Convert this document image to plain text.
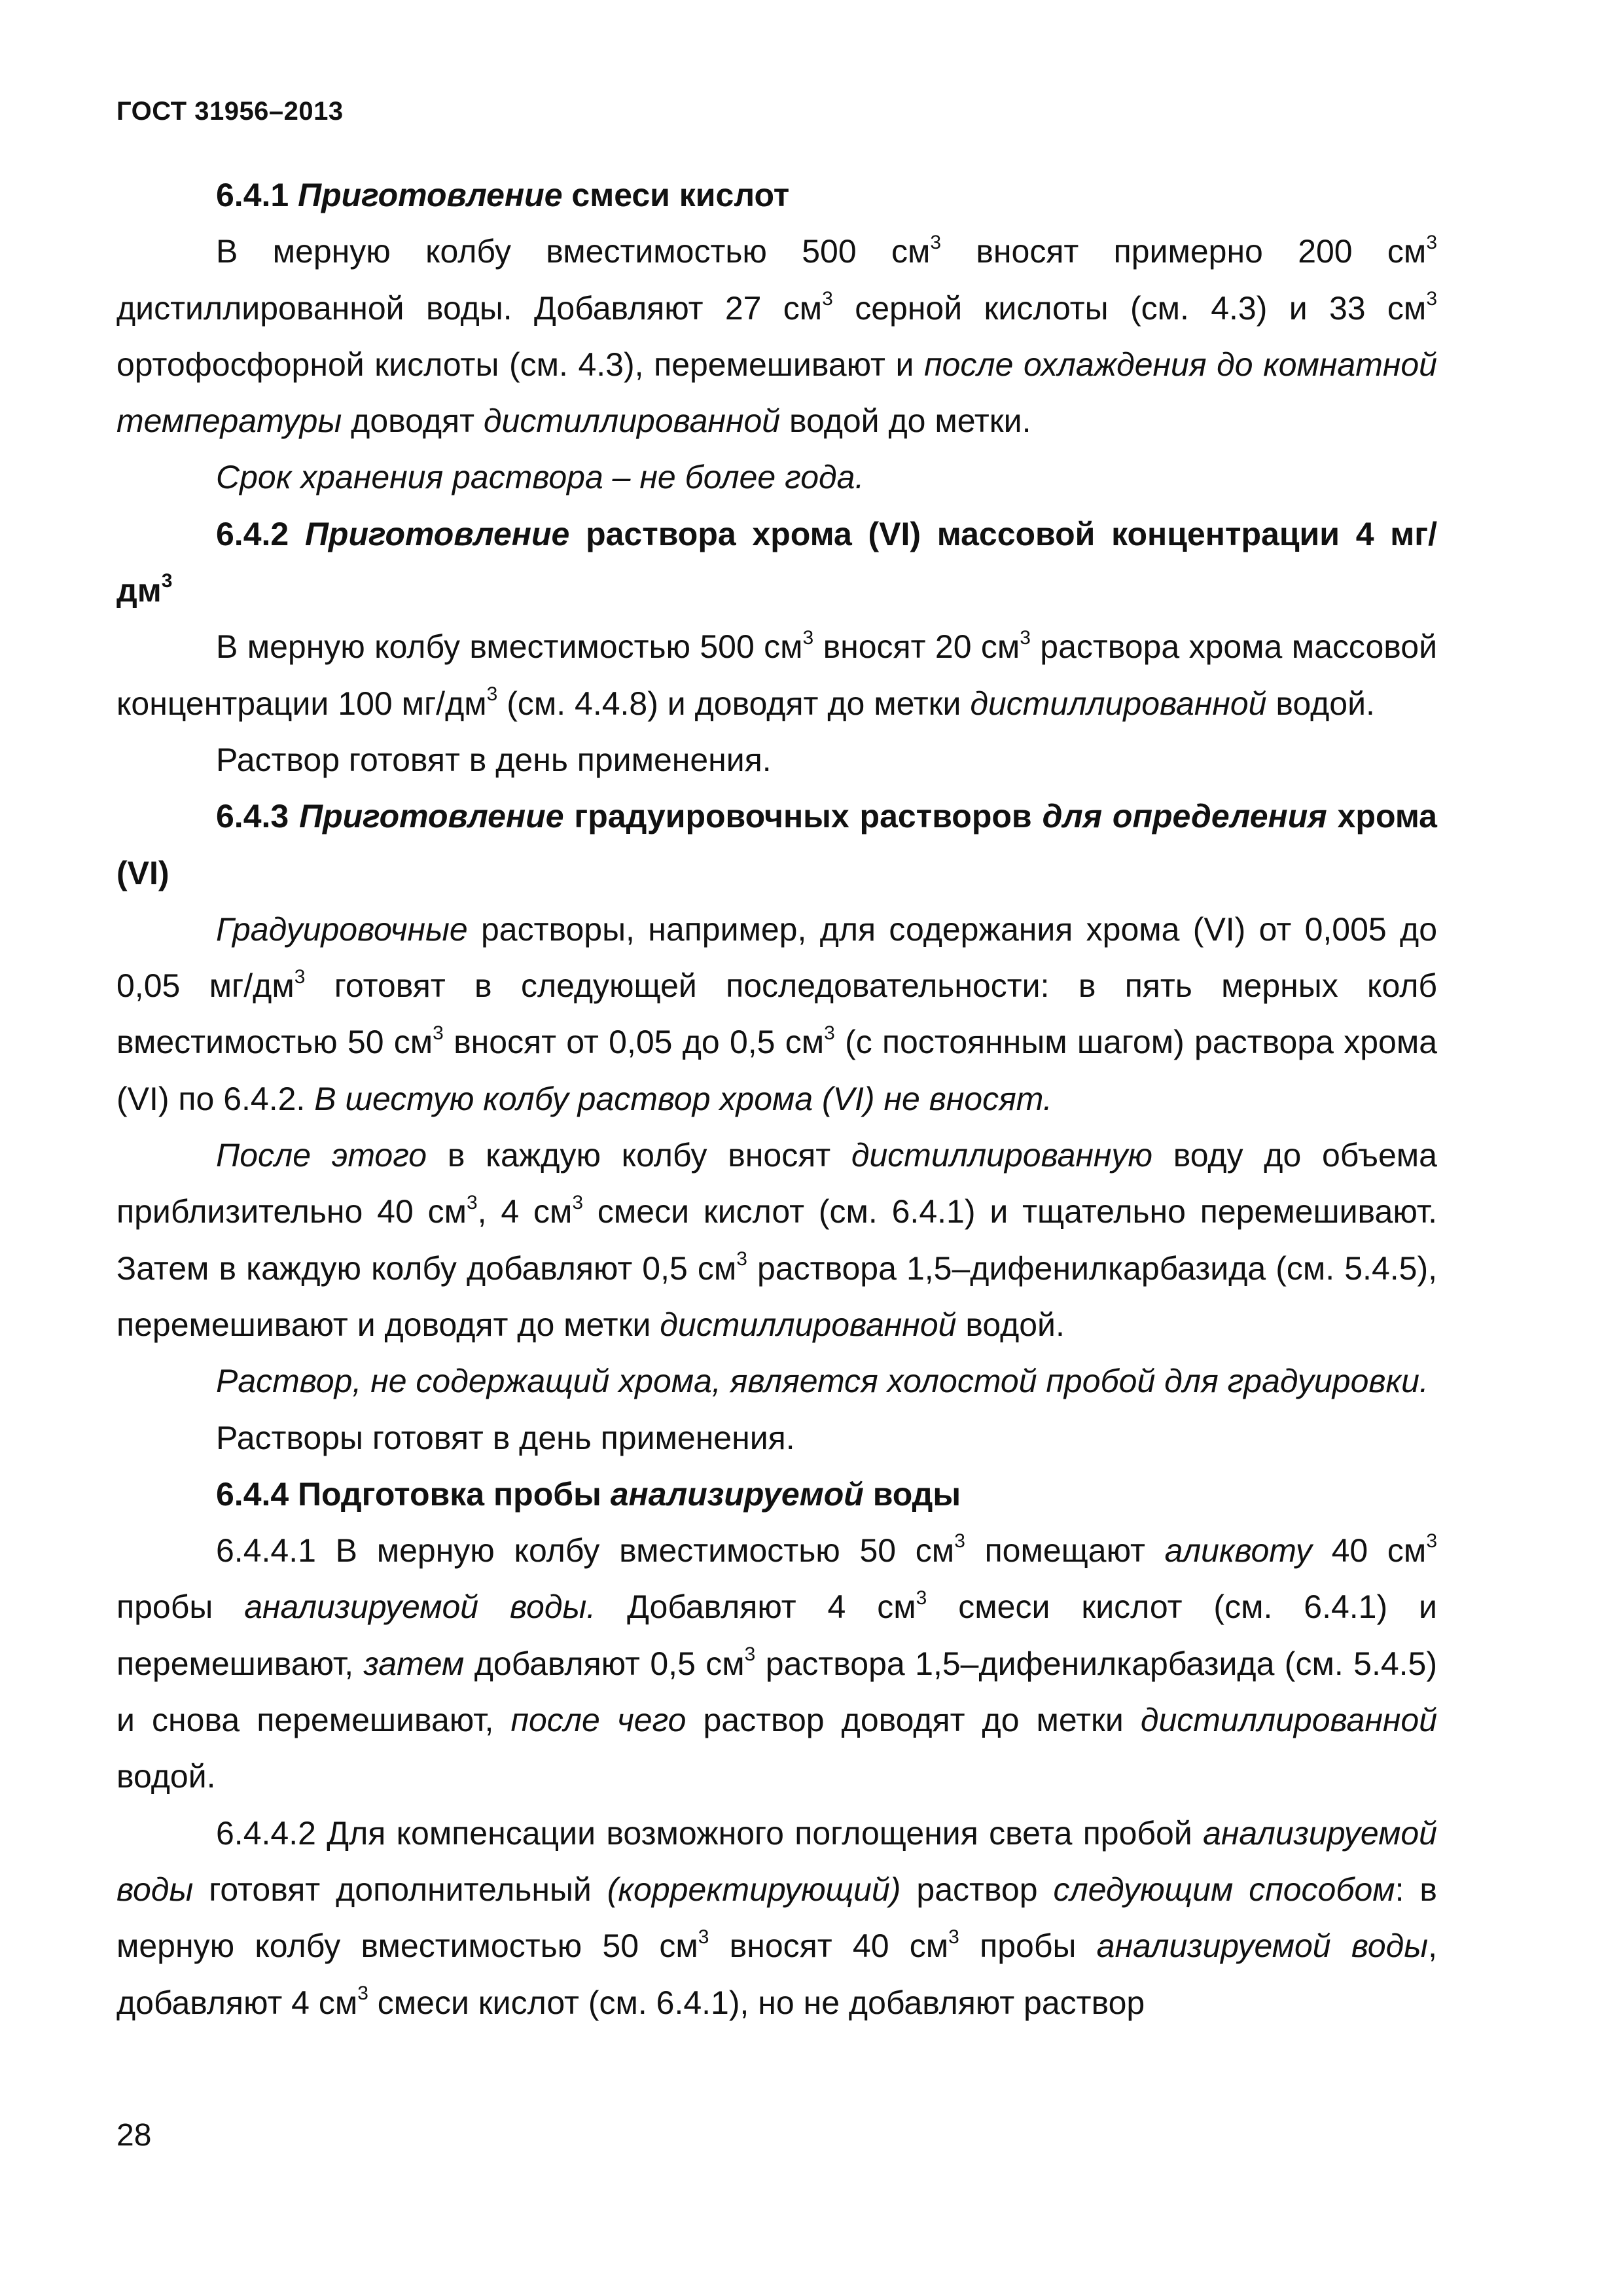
ГОСТ 31956–2013

6.4.1 Приготовление смеси кислот

В мерную колбу вместимостью 500 $см^3$ вносят примерно 200 $см^3$ дистиллированной воды. Добавляют 27 $см^3$ серной кислоты (см. 4.3) и 33 $см^3$ ортофосфорной кислоты (см. 4.3), перемешивают и после охлаждения до комнатной температуры доводят дистиллированной водой до метки.

Срок хранения раствора – не более года.

6.4.2 Приготовление раствора хрома (VI) массовой концентрации 4 $мг/дм^3$

В мерную колбу вместимостью 500 $см^3$ вносят 20 $см^3$ раствора хрома массовой концентрации 100 $мг/дм^3$ (см. 4.4.8) и доводят до метки дистиллированной водой.

Раствор готовят в день применения.

6.4.3 Приготовление градуировочных растворов для определения хрома (VI)

Градуировочные растворы, например, для содержания хрома (VI) от 0,005 до 0,05 $мг/дм^3$ готовят в следующей последовательности: в пять мерных колб вместимостью 50 $см^3$ вносят от 0,05 до 0,5 $см^3$ (с постоянным шагом) раствора хрома (VI) по 6.4.2. В шестую колбу раствор хрома (VI) не вносят.

После этого в каждую колбу вносят дистиллированную воду до объема приблизительно 40 $см^3$, 4 $см^3$ смеси кислот (см. 6.4.1) и тщательно перемешивают. Затем в каждую колбу добавляют 0,5 $см^3$ раствора 1,5–дифенилкарбазида (см. 5.4.5), перемешивают и доводят до метки дистиллированной водой.

Раствор, не содержащий хрома, является холостой пробой для градуировки.

Растворы готовят в день применения.

6.4.4 Подготовка пробы анализируемой воды

6.4.4.1 В мерную колбу вместимостью 50 $см^3$ помещают аликвоту 40 $см^3$ пробы анализируемой воды. Добавляют 4 $см^3$ смеси кислот (см. 6.4.1) и перемешивают, затем добавляют 0,5 $см^3$ раствора 1,5–дифенилкарбазида (см. 5.4.5) и снова перемешивают, после чего раствор доводят до метки дистиллированной водой.

6.4.4.2 Для компенсации возможного поглощения света пробой анализируемой воды готовят дополнительный (корректирующий) раствор следующим способом: в мерную колбу вместимостью 50 $см^3$ вносят 40 $см^3$ пробы анализируемой воды, добавляют 4 $см^3$ смеси кислот (см. 6.4.1), но не добавляют раствор

28
